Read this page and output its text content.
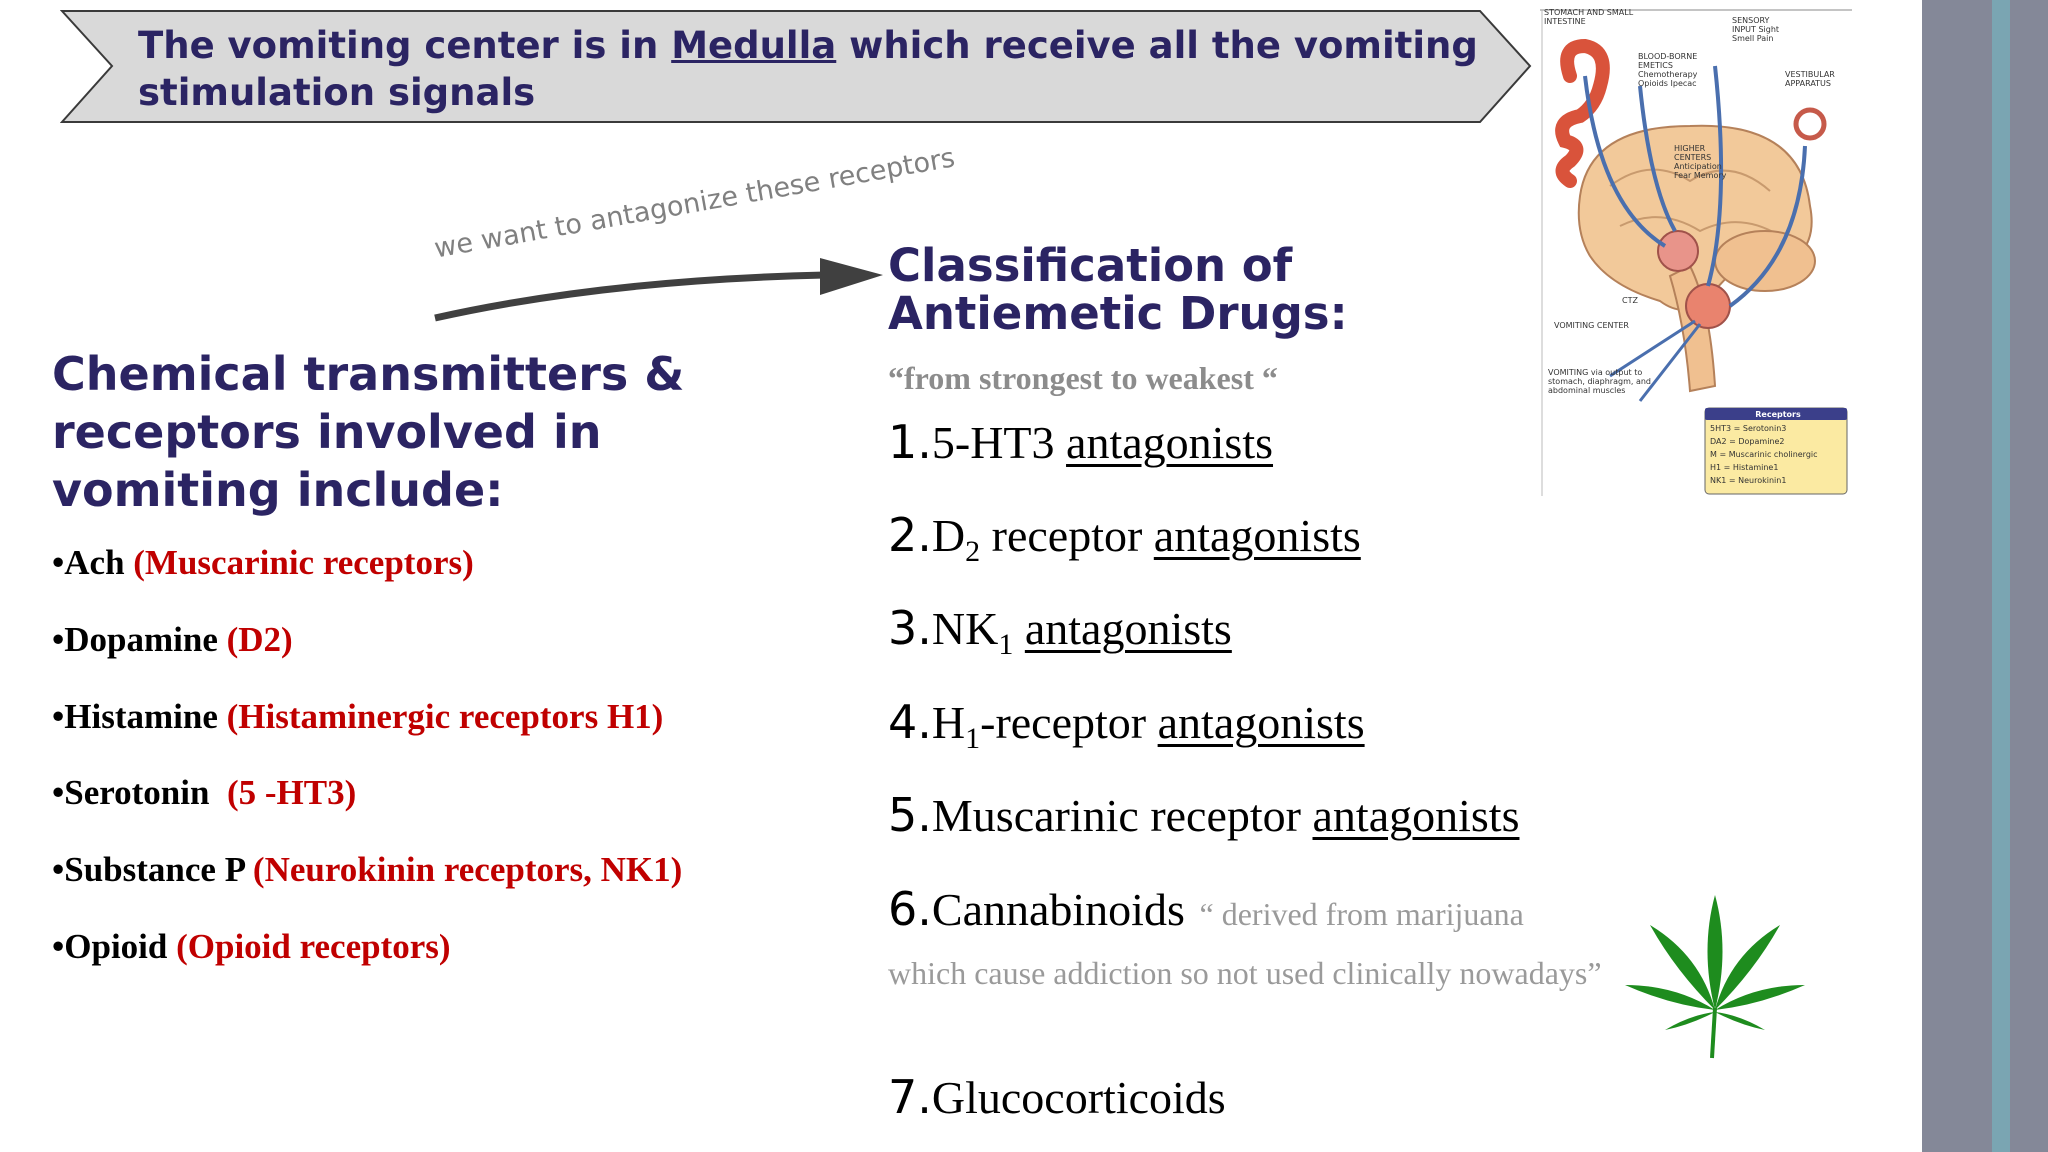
The vomiting center is in Medulla which receive all the vomiting stimulation signals
we want to antagonize these receptors
Chemical transmitters & receptors involved in vomiting include:
•Ach (Muscarinic receptors)
•Dopamine (D2)
•Histamine (Histaminergic receptors H1)
•Serotonin  (5 -HT3)
•Substance P (Neurokinin receptors, NK1)
•Opioid (Opioid receptors)
Classification of Antiemetic Drugs:
“from strongest to weakest “
1.5-HT3 antagonists
$2.D_2$ receptor antagonists
$3.NK_1$ antagonists
$4.H_1$-receptor antagonists
5.Muscarinic receptor antagonists
6.Cannabinoids “ derived from marijuana
which cause addiction so not used clinically nowadays”
7.Glucocorticoids
STOMACH AND SMALL INTESTINE
BLOOD-BORNE EMETICS Chemotherapy Opioids Ipecac
SENSORY INPUT Sight Smell Pain
VESTIBULAR APPARATUS
HIGHER CENTERS Anticipation Fear Memory
CTZ
VOMITING CENTER
VOMITING via output to stomach, diaphragm, and abdominal muscles
Receptors
5HT3 = Serotonin3
DA2 = Dopamine2
M = Muscarinic cholinergic
H1 = Histamine1
NK1 = Neurokinin1
